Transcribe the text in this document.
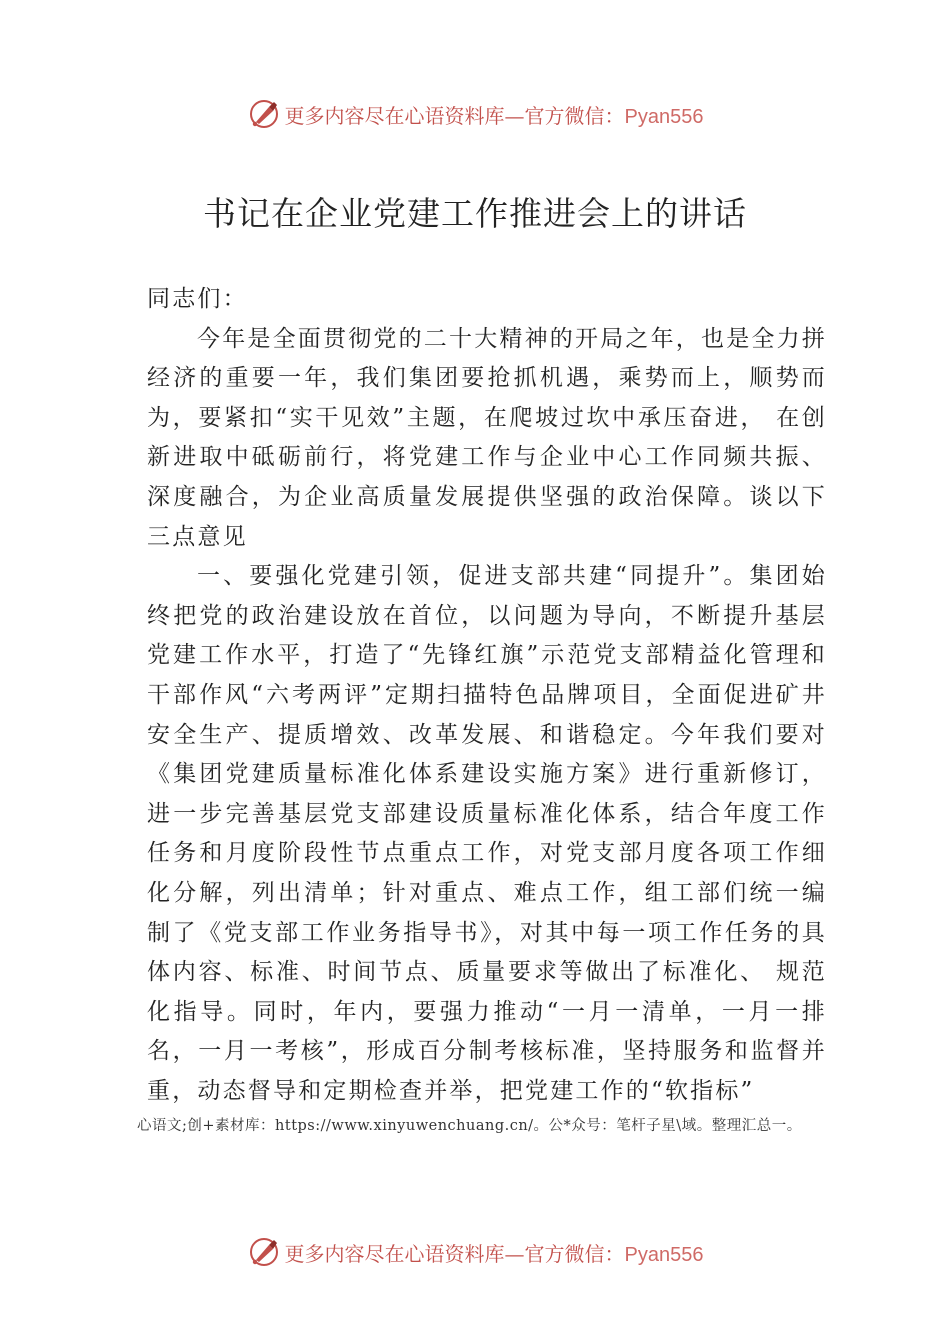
更多内容尽在心语资料库—官方微信：Pyan556
书记在企业党建工作推进会上的讲话

同志们：

今年是全面贯彻党的二十大精神的开局之年，也是全力拼经济的重要一年，我们集团要抢抓机遇，乘势而上，顺势而为，要紧扣“实干见效”主题，在爬坡过坎中承压奋进， 在创新进取中砥砺前行，将党建工作与企业中心工作同频共振、深度融合，为企业高质量发展提供坚强的政治保障。谈以下三点意见

一、要强化党建引领，促进支部共建“同提升”。集团始终把党的政治建设放在首位，以问题为导向，不断提升基层党建工作水平，打造了“先锋红旗”示范党支部精益化管理和干部作风“六考两评”定期扫描特色品牌项目，全面促进矿井安全生产、提质增效、改革发展、和谐稳定。今年我们要对《集团党建质量标准化体系建设实施方案》进行重新修订，进一步完善基层党支部建设质量标准化体系，结合年度工作任务和月度阶段性节点重点工作，对党支部月度各项工作细化分解，列出清单；针对重点、难点工作，组工部们统一编制了《党支部工作业务指导书》，对其中每一项工作任务的具体内容、标准、时间节点、质量要求等做出了标准化、 规范化指导。同时，年内，要强力推动“一月一清单，一月一排名，一月一考核”，形成百分制考核标准，坚持服务和监督并重，动态督导和定期检查并举，把党建工作的“软指标”

心语文;创+素材库：https://www.xinyuwenchuang.cn/。公*众号：笔杆子星\域。整理汇总一。
更多内容尽在心语资料库—官方微信：Pyan556
